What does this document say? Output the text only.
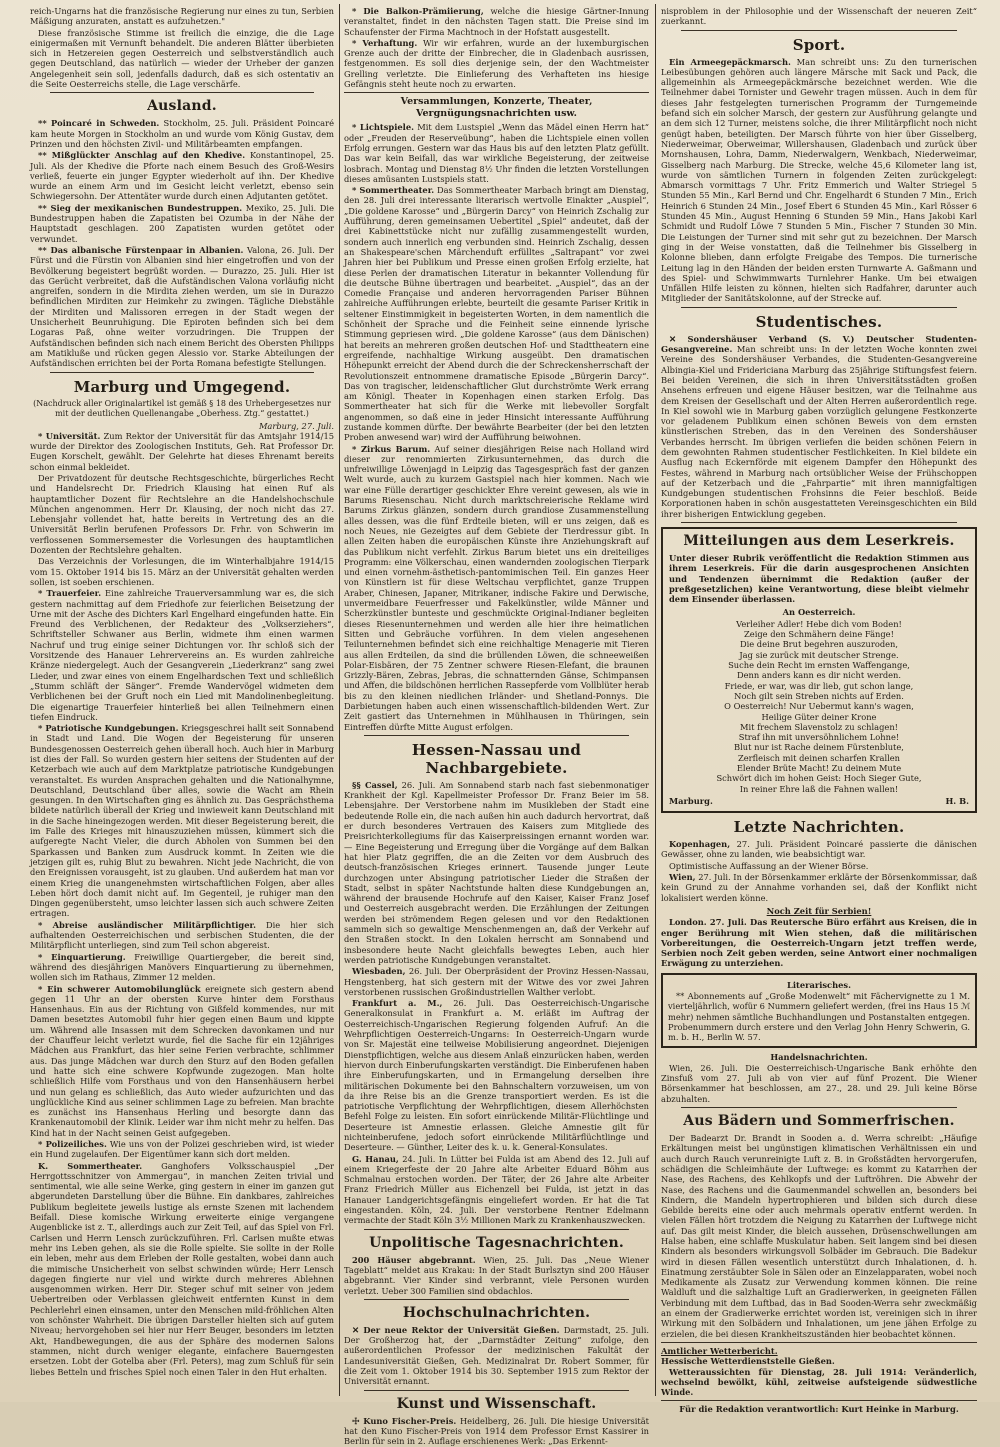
reich-Ungarns hat die französische Regierung nur eines zu tun, Serbien Mäßigung anzuraten, anstatt es aufzuhetzen."

Diese französische Stimme ist freilich die einzige, die die Lage einigermaßen mit Vernunft behandelt. Die anderen Blätter überbieten sich in Hetzereien gegen Oesterreich und selbstverständlich auch gegen Deutschland, das natürlich — wieder der Urheber der ganzen Angelegenheit sein soll, jedenfalls dadurch, daß es sich ostentativ an die Seite Oesterreichs stelle, die Lage verschärfe.

Ausland.

** Poincaré in Schweden. Stockholm, 25. Juli. Präsident Poincaré kam heute Morgen in Stockholm an und wurde vom König Gustav, dem Prinzen und den höchsten Zivil- und Militärbeamten empfangen.

** Mißglückter Anschlag auf den Khedive. Konstantinopel, 25. Juli. Als der Khedive die Pforte nach einem Besuch des Groß-Wesirs verließ, feuerte ein junger Egypter wiederholt auf ihn. Der Khedive wurde an einem Arm und im Gesicht leicht verletzt, ebenso sein Schwiegersohn. Der Attentäter wurde durch einen Adjutanten getötet.

** Sieg der mexikanischen Bundestruppen. Mexiko, 25. Juli. Die Bundestruppen haben die Zapatisten bei Ozumba in der Nähe der Hauptstadt geschlagen. 200 Zapatisten wurden getötet oder verwundet.

** Das albanische Fürstenpaar in Albanien. Valona, 26. Juli. Der Fürst und die Fürstin von Albanien sind hier eingetroffen und von der Bevölkerung begeistert begrüßt worden. — Durazzo, 25. Juli. Hier ist das Gerücht verbreitet, daß die Aufständischen Valona vorläufig nicht angreifen, sondern in die Mirdita ziehen werden, um sie in Durazzo befindlichen Mirditen zur Heimkehr zu zwingen. Tägliche Diebstähle der Mirditen und Malissoren erregen in der Stadt wegen der Unsicherheit Beunruhigung. Die Epiroten befinden sich bei dem Logaras Paß, ohne weiter vorzudringen. Die Truppen der Aufständischen befinden sich nach einem Bericht des Obersten Philipps am Matikluße und rücken gegen Alessio vor. Starke Abteilungen der Aufständischen errichten bei der Porta Romana befestigte Stellungen.

Marburg und Umgegend.
(Nachdruck aller Originalartikel ist gemäß § 18 des Urhebergesetzes nur mit der deutlichen Quellenangabe „Oberhess. Ztg.“ gestattet.)
Marburg, 27. Juli.

* Universität. Zum Rektor der Universität für das Amtsjahr 1914/15 wurde der Direktor des Zoologischen Instituts, Geh. Rat Professor Dr. Eugen Korschelt, gewählt. Der Gelehrte hat dieses Ehrenamt bereits schon einmal bekleidet.

Der Privatdozent für deutsche Rechtsgeschichte, bürgerliches Recht und Handelsrecht Dr. Friedrich Klausing hat einen Ruf als hauptamtlicher Dozent für Rechtslehre an die Handelshochschule München angenommen. Herr Dr. Klausing, der noch nicht das 27. Lebensjahr vollendet hat, hatte bereits in Vertretung des an die Universität Berlin berufenen Professors Dr. Frhr. von Schwerin im verflossenen Sommersemester die Vorlesungen des hauptamtlichen Dozenten der Rechtslehre gehalten.

Das Verzeichnis der Vorlesungen, die im Winterhalbjahre 1914/15 vom 15. Oktober 1914 bis 15. März an der Universität gehalten werden sollen, ist soeben erschienen.

* Trauerfeier. Eine zahlreiche Trauerversammlung war es, die sich gestern nachmittag auf dem Friedhofe zur feierlichen Beisetzung der Urne mit der Asche des Dichters Karl Engelhard eingefunden hatte. Ein Freund des Verblichenen, der Redakteur des „Volkserziehers“, Schriftsteller Schwaner aus Berlin, widmete ihm einen warmen Nachruf und trug einige seiner Dichtungen vor. Ihr schloß sich der Vorsitzende des Hanauer Lehrervereins an. Es wurden zahlreiche Kränze niedergelegt. Auch der Gesangverein „Liederkranz“ sang zwei Lieder, und zwar eines von einem Engelhardschen Text und schließlich „Stumm schläft der Sänger“. Fremde Wandervögel widmeten dem Verblichenen bei der Gruft noch ein Lied mit Mandolinenbegleitung. Die eigenartige Trauerfeier hinterließ bei allen Teilnehmern einen tiefen Eindruck.

* Patriotische Kundgebungen. Kriegsgeschrei hallt seit Sonnabend in Stadt und Land. Die Wogen der Begeisterung für unseren Bundesgenossen Oesterreich gehen überall hoch. Auch hier in Marburg ist dies der Fall. So wurden gestern hier seitens der Studenten auf der Ketzerbach wie auch auf dem Marktplatze patriotische Kundgebungen veranstaltet. Es wurden Ansprachen gehalten und die Nationalhymne, Deutschland, Deutschland über alles, sowie die Wacht am Rhein gesungen. In den Wirtschaften ging es ähnlich zu. Das Gesprächsthema bildete natürlich überall der Krieg und inwieweit kann Deutschland mit in die Sache hineingezogen werden. Mit dieser Begeisterung bereit, die im Falle des Krieges mit hinauszuziehen müssen, kümmert sich die aufgeregte Nacht Vieler, die durch Abholen von Summen bei den Sparkassen und Banken zum Ausdruck kommt. In Zeiten wie die jetzigen gilt es, ruhig Blut zu bewahren. Nicht jede Nachricht, die von den Ereignissen vorausgeht, ist zu glauben. Und außerdem hat man vor einem Krieg die unangenehmsten wirtschaftlichen Folgen, aber alles Leben hört doch damit nicht auf. Im Gegenteil, je ruhiger man den Dingen gegenübersteht, umso leichter lassen sich auch schwere Zeiten ertragen.

* Abreise ausländischer Militärpflichtiger. Die hier sich aufhaltenden Oesterreichischen und serbischen Studenten, die der Militärpflicht unterliegen, sind zum Teil schon abgereist.

* Einquartierung. Freiwillige Quartiergeber, die bereit sind, während des diesjährigen Manövers Einquartierung zu übernehmen, wollen sich im Rathaus, Zimmer 12 melden.

* Ein schwerer Automobilunglück ereignete sich gestern abend gegen 11 Uhr an der obersten Kurve hinter dem Forsthaus Hansenhaus. Ein aus der Richtung von Gißfeld kommendes, nur mit Damen besetztes Automobil fuhr hier gegen einen Baum und kippte um. Während alle Insassen mit dem Schrecken davonkamen und nur der Chauffeur leicht verletzt wurde, fiel die Sache für ein 12jähriges Mädchen aus Frankfurt, das hier seine Ferien verbrachte, schlimmer aus. Das junge Mädchen war durch den Sturz auf den Boden gefallen und hatte sich eine schwere Kopfwunde zugezogen. Man holte schließlich Hilfe vom Forsthaus und von den Hansenhäusern herbei und nun gelang es schließlich, das Auto wieder aufzurichten und das unglückliche Kind aus seiner schlimmen Lage zu befreien. Man brachte es zunächst ins Hansenhaus Herling und besorgte dann das Krankenautomobil der Klinik. Leider war ihm nicht mehr zu helfen. Das Kind hat in der Nacht seinen Geist aufgegeben.

* Polizeiliches. Wie uns von der Polizei geschrieben wird, ist wieder ein Hund zugelaufen. Der Eigentümer kann sich dort melden.

K. Sommertheater. Ganghofers Volksschauspiel „Der Herrgottsschnitzer von Ammergau“, in manchen Zeiten trivial und sentimental, wie alle seine Werke, ging gestern in einer im ganzen gut abgerundeten Darstellung über die Bühne. Ein dankbares, zahlreiches Publikum begleitete jeweils lustige als ernste Szenen mit lachendem Beifall. Diese komische Wirkung erweiterte einige vergangene Augenblicke ist z. T., allerdings auch zur Zeit Teil, auf das Spiel von Frl. Carlsen und Herrn Lensch zurückzuführen. Frl. Carlsen mußte etwas mehr ins Leben gehen, als sie die Rolle spielte. Sie sollte in der Rolle ein leben, mehr aus dem Erleben der Rolle gestalten, wobei dann auch die mimische Unsicherheit von selbst schwinden würde; Herr Lensch dagegen fingierte nur viel und wirkte durch mehreres Ablehnen ausgenommen wirken. Herr Dir. Steger schuf mit seiner von jedem Uebertreiben oder Verblassen gleichweit entfernten Kunst in dem Pechlerlehrl einen einsamen, unter den Menschen mild-fröhlichen Alten von schönster Wahrheit. Die übrigen Darsteller hielten sich auf gutem Niveau; hervorgehoben sei hier nur Herr Beuger, besonders im letzten Akt, Handbewegungen, die aus der Sphäre des modernen Salons stammen, nicht durch weniger elegante, einfachere Bauerngesten ersetzen. Lobt der Gotelba aber (Frl. Peters), mag zum Schluß für sein liebes Betteln und frisches Spiel noch einen Taler in den Hut erhalten.

* Die Balkon-Prämiierung, welche die hiesige Gärtner-Innung veranstaltet, findet in den nächsten Tagen statt. Die Preise sind im Schaufenster der Firma Machtnoch in der Hofstatt ausgestellt.

* Verhaftung. Wir wir erfahren, wurde an der luxemburgischen Grenze auch der dritte der Einbrecher, die in Gladenbach ausrissen, festgenommen. Es soll dies derjenige sein, der den Wachtmeister Grelling verletzte. Die Einlieferung des Verhafteten ins hiesige Gefängnis steht heute noch zu erwarten.

Versammlungen, Konzerte, Theater, Vergnügungsnachrichten usw.

* Lichtspiele. Mit dem Lustspiel „Wenn das Mädel einen Herrn hat“ oder „Freuden der Reserveübung“, haben die Lichtspiele einen vollen Erfolg errungen. Gestern war das Haus bis auf den letzten Platz gefüllt. Das war kein Beifall, das war wirkliche Begeisterung, der zeitweise losbrach. Montag und Dienstag 8½ Uhr finden die letzten Vorstellungen dieses amüsanten Lustspiels statt.

* Sommertheater. Das Sommertheater Marbach bringt am Dienstag, den 28. Juli drei interessante literarisch wertvolle Einakter „Auspiel“, „Die goldene Karosse“ und „Bürgerin Darcy“ von Heinrich Zschalig zur Aufführung, deren gemeinsamen Uebertitel „Spiel“ andeutet, daß der drei Kabinettstücke nicht nur zufällig zusammengestellt wurden, sondern auch innerlich eng verbunden sind. Heinrich Zschalig, dessen an Shakespeare'schen Märchenduft erfülltes „Saltrapant“ vor zwei Jahren hier bei Publikum und Presse einen großen Erfolg erzielte, hat diese Perlen der dramatischen Literatur in bekannter Vollendung für die deutsche Bühne übertragen und bearbeitet. „Auspiel“, das an der Comedie Française und anderen hervorragenden Pariser Bühnen zahlreiche Aufführungen erlebte, beurteilt die gesamte Pariser Kritik in seltener Einstimmigkeit in begeisterten Worten, in dem namentlich die Schönheit der Sprache und die Feinheit seine einnende lyrische Stimmung gepriesen wird. „Die goldene Karosse“ (aus dem Dänischen) hat bereits an mehreren großen deutschen Hof- und Stadttheatern eine ergreifende, nachhaltige Wirkung ausgeübt. Den dramatischen Höhepunkt erreicht der Abend durch die der Schreckensherrschaft der Revolutionszeit entnommene dramatische Episode „Bürgerin Darcy“. Das von tragischer, leidenschaftlicher Glut durchströmte Werk errang am Königl. Theater in Kopenhagen einen starken Erfolg. Das Sommertheater hat sich für die Werke mit liebevoller Sorgfalt angenommen, so daß eine in jeder Hinsicht interessante Aufführung zustande kommen dürfte. Der bewährte Bearbeiter (der bei den letzten Proben anwesend war) wird der Aufführung beiwohnen.

* Zirkus Barum. Auf seiner diesjährigen Reise nach Holland wird dieser zur renommierten Zirkusunternehmen, das durch die unfreiwillige Löwenjagd in Leipzig das Tagesgespräch fast der ganzen Welt wurde, auch zu kurzem Gastspiel nach hier kommen. Nach wie war eine Fülle derartiger geschickter Ehre vereint gewesen, als wie in Barums Riesenschau. Nicht durch marktschreierische Reklame wird Barums Zirkus glänzen, sondern durch grandiose Zusammenstellung alles dessen, was die fünf Erdteile bieten, will er uns zeigen, daß es noch Neues, nie Gezeigtes auf dem Gebiete der Tierdressur gibt. In allen Zeiten haben die europäischen Künste ihre Anziehungskraft auf das Publikum nicht verfehlt. Zirkus Barum bietet uns ein dreiteiliges Programm: eine Völkerschau, einen wandernden zoologischen Tierpark und einen vornehm-ästhetisch-pantomimischen Teil. Ein ganzes Heer von Künstlern ist für diese Weltschau verpflichtet, ganze Truppen Araber, Chinesen, Japaner, Mitrikaner, indische Fakire und Derwische, unvermeidbare Feuerfresser und Fakelkünstler, wilde Männer und Scherzkünstler bunteste und geschmückte Original-Indianer begleiten dieses Riesenunternehmen und werden alle hier ihre heimatlichen Sitten und Gebräuche vorführen. In dem vielen angesehenen Teilunternehmen befindet sich eine reichhaltige Menagerie mit Tieren aus allen Erdteilen, da sind die brüllenden Löwen, die schneeweißen Polar-Eisbären, der 75 Zentner schwere Riesen-Elefant, die braunen Grizzly-Bären, Zebras, Jebras, die schnatternden Gänse, Schimpansen und Affen, die bildschönen herrlichen Rassepferde vom Vollblüter herab bis zu den kleinen niedlichen Irländer- und Shetland-Ponnys. Die Darbietungen haben auch einen wissenschaftlich-bildenden Wert. Zur Zeit gastiert das Unternehmen in Mühlhausen in Thüringen, sein Eintreffen dürfte Mitte August erfolgen.

Hessen-Nassau und Nachbargebiete.

§§ Cassel, 26. Juli. Am Sonnabend starb nach fast siebenmonatiger Krankheit der Kgl. Kapellmeister Professor Dr. Franz Beier im 58. Lebensjahre. Der Verstorbene nahm im Musikleben der Stadt eine bedeutende Rolle ein, die nach außen hin auch dadurch hervortrat, daß er durch besonderes Vertrauen des Kaisers zum Mitgliede des Preisrichterkollegiums für das Kaiserpreissingen ernannt worden war. — Eine Begeisterung und Erregung über die Vorgänge auf dem Balkan hat hier Platz gegriffen, die an die Zeiten vor dem Ausbruch des deutsch-französischen Krieges erinnert. Tausende junger Leute durchzogen unter Absingung patriotischer Lieder die Straßen der Stadt, selbst in später Nachtstunde halten diese Kundgebungen an, während der brausende Hochrufe auf den Kaiser, Kaiser Franz Josef und Oesterreich ausgebracht werden. Die Erzählungen der Zeitungen werden bei strömendem Regen gelesen und vor den Redaktionen sammeln sich so gewaltige Menschenmengen an, daß der Verkehr auf den Straßen stockt. In den Lokalen herrscht am Sonnabend und insbesondere heute Nacht gleichfalls bewegtes Leben, auch hier werden patriotische Kundgebungen veranstaltet.

Wiesbaden, 26. Juli. Der Oberpräsident der Provinz Hessen-Nassau, Hengstenberg, hat sich gestern mit der Witwe des vor zwei Jahren verstorbenen russischen Großindustriellen Walther verlobt.

Frankfurt a. M., 26. Juli. Das Oesterreichisch-Ungarische Generalkonsulat in Frankfurt a. M. erläßt im Auftrag der Oesterreichisch-Ungarischen Regierung folgenden Aufruf: An die Wehrpflichtigen Oesterreich-Ungarns: In Oesterreich-Ungarn wurde von Sr. Majestät eine teilweise Mobilisierung angeordnet. Diejenigen Dienstpflichtigen, welche aus diesem Anlaß einzurücken haben, werden hiervon durch Einberufungskarten verständigt. Die Einberufenen haben ihre Einberufungskarten, und in Ermangelung derselben ihre militärischen Dokumente bei den Bahnschaltern vorzuweisen, um von da ihre Reise bis an die Grenze transportiert werden. Es ist die patriotische Verpflichtung der Wehrpflichtigen, diesem Allerhöchsten Befehl Folge zu leisten. Ein sofort einrückende Militär-Flüchtlinge und Deserteure ist Amnestie erlassen. Gleiche Amnestie gilt für nichteinberufene, jedoch sofort einrückende Militärflüchtlinge und Deserteure. — Günther, Leiter des k. u. k. General-Konsulates.

G. Hanau, 24. Juli. In Lütter bei Fulda ist am Abend des 12. Juli auf einem Kriegerfeste der 20 Jahre alte Arbeiter Eduard Böhm aus Schmalnau erstochen worden. Der Täter, der 26 Jahre alte Arbeiter Franz Friedrich Müller aus Eichenzell bei Fulda, ist jetzt in das Hanauer Landgerichtsgefängnis eingeliefert worden. Er hat die Tat eingestanden. Köln, 24. Juli. Der verstorbene Rentner Edelmann vermachte der Stadt Köln 3½ Millionen Mark zu Krankenhauszwecken.

Unpolitische Tagesnachrichten.

200 Häuser abgebrannt. Wien, 25. Juli. Das „Neue Wiener Tageblatt“ meldet aus Krakau: In der Stadt Burlsztyn sind 200 Häuser abgebrannt. Vier Kinder sind verbrannt, viele Personen wurden verletzt. Ueber 300 Familien sind obdachlos.

Hochschulnachrichten.

✕ Der neue Rektor der Universität Gießen. Darmstadt, 25. Juli. Der Großherzog hat, der „Darmstädter Zeitung“ zufolge, den außerordentlichen Professor der medizinischen Fakultät der Landesuniversität Gießen, Geh. Medizinalrat Dr. Robert Sommer, für die Zeit vom 1. Oktober 1914 bis 30. September 1915 zum Rektor der Universität ernannt.

Kunst und Wissenschaft.

☩ Kuno Fischer-Preis. Heidelberg, 26. Juli. Die hiesige Universität hat den Kuno Fischer-Preis von 1914 dem Professor Ernst Kassirer in Berlin für sein in 2. Auflage erschienenes Werk: „Das Erkennt-

nisproblem in der Philosophie und der Wissenschaft der neueren Zeit“ zuerkannt.

Sport.

Ein Armeegepäckmarsch. Man schreibt uns: Zu den turnerischen Leibesübungen gehören auch längere Märsche mit Sack und Pack, die allgemeinhin als Armeegepäckmärsche bezeichnet werden. Wie die Teilnehmer dabei Tornister und Gewehr tragen müssen. Auch in dem für dieses Jahr festgelegten turnerischen Programm der Turngemeinde befand sich ein solcher Marsch, der gestern zur Ausführung gelangte und an dem sich 12 Turner, meistens solche, die ihrer Militärpflicht noch nicht genügt haben, beteiligten. Der Marsch führte von hier über Gisselberg, Niederweimar, Oberweimar, Willershausen, Gladenbach und zurück über Mornshausen, Lohra, Damm, Niederwalgern, Wenkbach, Niederweimar, Gisselberg nach Marburg. Die Strecke, welche 45,6 Kilometer lang ist, wurde von sämtlichen Turnern in folgenden Zeiten zurückgelegt: Abmarsch vormittags 7 Uhr. Fritz Emmerich und Walter Striegel 5 Stunden 55 Min., Karl Bernd und Chr. Engelhardt 6 Stunden 7 Min., Erich Heinrich 6 Stunden 24 Min., Josef Ebert 6 Stunden 45 Min., Karl Rösser 6 Stunden 45 Min., August Henning 6 Stunden 59 Min., Hans Jakobi Karl Schmidt und Rudolf Löwe 7 Stunden 5 Min., Fischer 7 Stunden 30 Min. Die Leistungen der Turner sind mit sehr gut zu bezeichnen. Der Marsch ging in der Weise vonstatten, daß die Teilnehmer bis Gisselberg in Kolonne blieben, dann erfolgte Freigabe des Tempos. Die turnerische Leitung lag in den Händen der beiden ersten Turnwarte A. Gaßmann und des Spiel- und Schwimmwarts Turnlehrer Hanke. Um bei etwaigen Unfällen Hilfe leisten zu können, hielten sich Radfahrer, darunter auch Mitglieder der Sanitätskolonne, auf der Strecke auf.

Studentisches.

✕ Sondershäuser Verband (S. V.) Deutscher Studenten-Gesangvereine. Man schreibt uns: In der letzten Woche konnten zwei Vereine des Sondershäuser Verbandes, die Studenten-Gesangvereine Albingia-Kiel und Fridericiana Marburg das 25jährige Stiftungsfest feiern. Bei beiden Vereinen, die sich in ihren Universitätsstädten großen Ansehens erfreuen und eigene Häuser besitzen, war die Teilnahme aus dem Kreisen der Gesellschaft und der Alten Herren außerordentlich rege. In Kiel sowohl wie in Marburg gaben vorzüglich gelungene Festkonzerte vor geladenem Publikum einen schönen Beweis von dem ernsten künstlerischen Streben, das in den Vereinen des Sondershäuser Verbandes herrscht. Im übrigen verliefen die beiden schönen Feiern in dem gewohnten Rahmen studentischer Festlichkeiten. In Kiel bildete ein Ausflug nach Eckernförde mit eigenem Dampfer den Höhepunkt des Festes, während in Marburg nach ortsüblicher Weise der Frühschoppen auf der Ketzerbach und die „Fahrpartie“ mit ihren mannigfaltigen Kundgebungen studentischen Frohsinns die Feier beschloß. Beide Korporationen haben in schön ausgestatteten Vereinsgeschichten ein Bild ihrer bisherigen Entwicklung gegeben.

Mitteilungen aus dem Leserkreis.

Unter dieser Rubrik veröffentlicht die Redaktion Stimmen aus ihrem Leserkreis. Für die darin ausgesprochenen Ansichten und Tendenzen übernimmt die Redaktion (außer der preßgesetzlichen) keine Verantwortung, diese bleibt vielmehr dem Einsender überlassen.

An Oesterreich.
Verleiher Adler! Hebe dich vom Boden!
Zeige den Schmähern deine Fänge!
Die deine Brut begehren auszuroden,
Jag sie zurück mit deutscher Strenge.
Suche dein Recht im ernsten Waffengange,
Denn anders kann es dir nicht werden.
Friede, er war, was dir lieb, gut schon lange,
Noch gilt sein Streben nichts auf Erden.
O Oesterreich! Nur Uebermut kann's wagen,
Heilige Güter deiner Krone
Mit frechem Slavenstolz zu schlagen!
Straf ihn mit unversöhnlichem Lohne!
Blut nur ist Rache deinem Fürstenblute,
Zerfleisch mit deinen scharfen Krallen
Elender Brüte Macht! Zu deinem Mute
Schwört dich im hohen Geist: Hoch Sieger Gute,
In reiner Ehre laß die Fahnen wallen!
Marburg.	H. B.
Letzte Nachrichten.

Kopenhagen, 27. Juli. Präsident Poincaré passierte die dänischen Gewässer, ohne zu landen, wie beabsichtigt war.

Optimistische Auffassung an der Wiener Börse.

Wien, 27. Juli. In der Börsenkammer erklärte der Börsenkommissar, daß kein Grund zu der Annahme vorhanden sei, daß der Konflikt nicht lokalisiert werden könne.

Noch Zeit für Serbien!

London. 27. Juli. Das Reutersche Büro erfährt aus Kreisen, die in enger Berührung mit Wien stehen, daß die militärischen Vorbereitungen, die Oesterreich-Ungarn jetzt treffen werde, Serbien noch Zeit geben werden, seine Antwort einer nochmaligen Erwägung zu unterziehen.

Literarisches.

** Abonnements auf „Große Modenwelt“ mit Fächervignette zu 1 M. vierteljährlich, wofür 6 Nummern geliefert werden, (frei ins Haus 15 ℳ mehr) nehmen sämtliche Buchhandlungen und Postanstalten entgegen. Probenummern durch erstere und den Verlag John Henry Schwerin, G. m. b. H., Berlin W. 57.

Handelsnachrichten.

Wien, 26. Juli. Die Oesterreichisch-Ungarische Bank erhöhte den Zinsfuß vom 27. Juli ab von vier auf fünf Prozent. Die Wiener Börsenkammer hat beschlossen, am 27., 28. und 29. Juli keine Börse abzuhalten.

Aus Bädern und Sommerfrischen.

Der Badearzt Dr. Brandt in Sooden a. d. Werra schreibt: „Häufige Erkältungen meist bei ungünstigen klimatischen Verhältnissen ein und auch durch Rauch verunreinigte Luft z. B. in Großstädten hervorgerufen, schädigen die Schleimhäute der Luftwege: es kommt zu Katarrhen der Nase, des Rachens, des Kehlkopfs und der Luftröhren. Die Abwehr der Nase, des Rachens und die Gaumenmandel schwellen an, besonders bei Kindern, die Mandeln hypertrophieren und bilden sich durch diese Gebilde bereits eine oder auch mehrmals operativ entfernt werden. In vielen Fällen hört trotzdem die Neigung zu Katarrhen der Luftwege nicht auf. Das gilt meist Kinder, die bleich aussehen, Drüsenschwellungen am Halse haben, eine schlaffe Muskulatur haben. Seit langem sind bei diesen Kindern als besonders wirkungsvoll Solbäder im Gebrauch. Die Badekur wird in diesen Fällen wesentlich unterstützt durch Inhalationen, d. h. Einatmung zerstäubter Sole in Sälen oder an Einzelapparaten, wobei noch Medikamente als Zusatz zur Verwendung kommen können. Die reine Waldluft und die salzhaltige Luft an Gradierwerken, in geeigneten Fällen Verbindung mit dem Luftbad, das in Bad Sooden-Werra sehr zweckmäßig an einem der Gradierwerke errichtet worden ist, vereinigen sich in ihrer Wirkung mit den Solbädern und Inhalationen, um jene jähen Erfolge zu erzielen, die bei diesen Krankheitszuständen hier beobachtet können.

Amtlicher Wetterbericht.
Hessische Wetterdienststelle Gießen.

Wetteraussichten für Dienstag, 28. Juli 1914: Veränderlich, wechselnd bewölkt, kühl, zeitweise aufsteigende südwestliche Winde.

Für die Redaktion verantwortlich: Kurt Heinke in Marburg.
